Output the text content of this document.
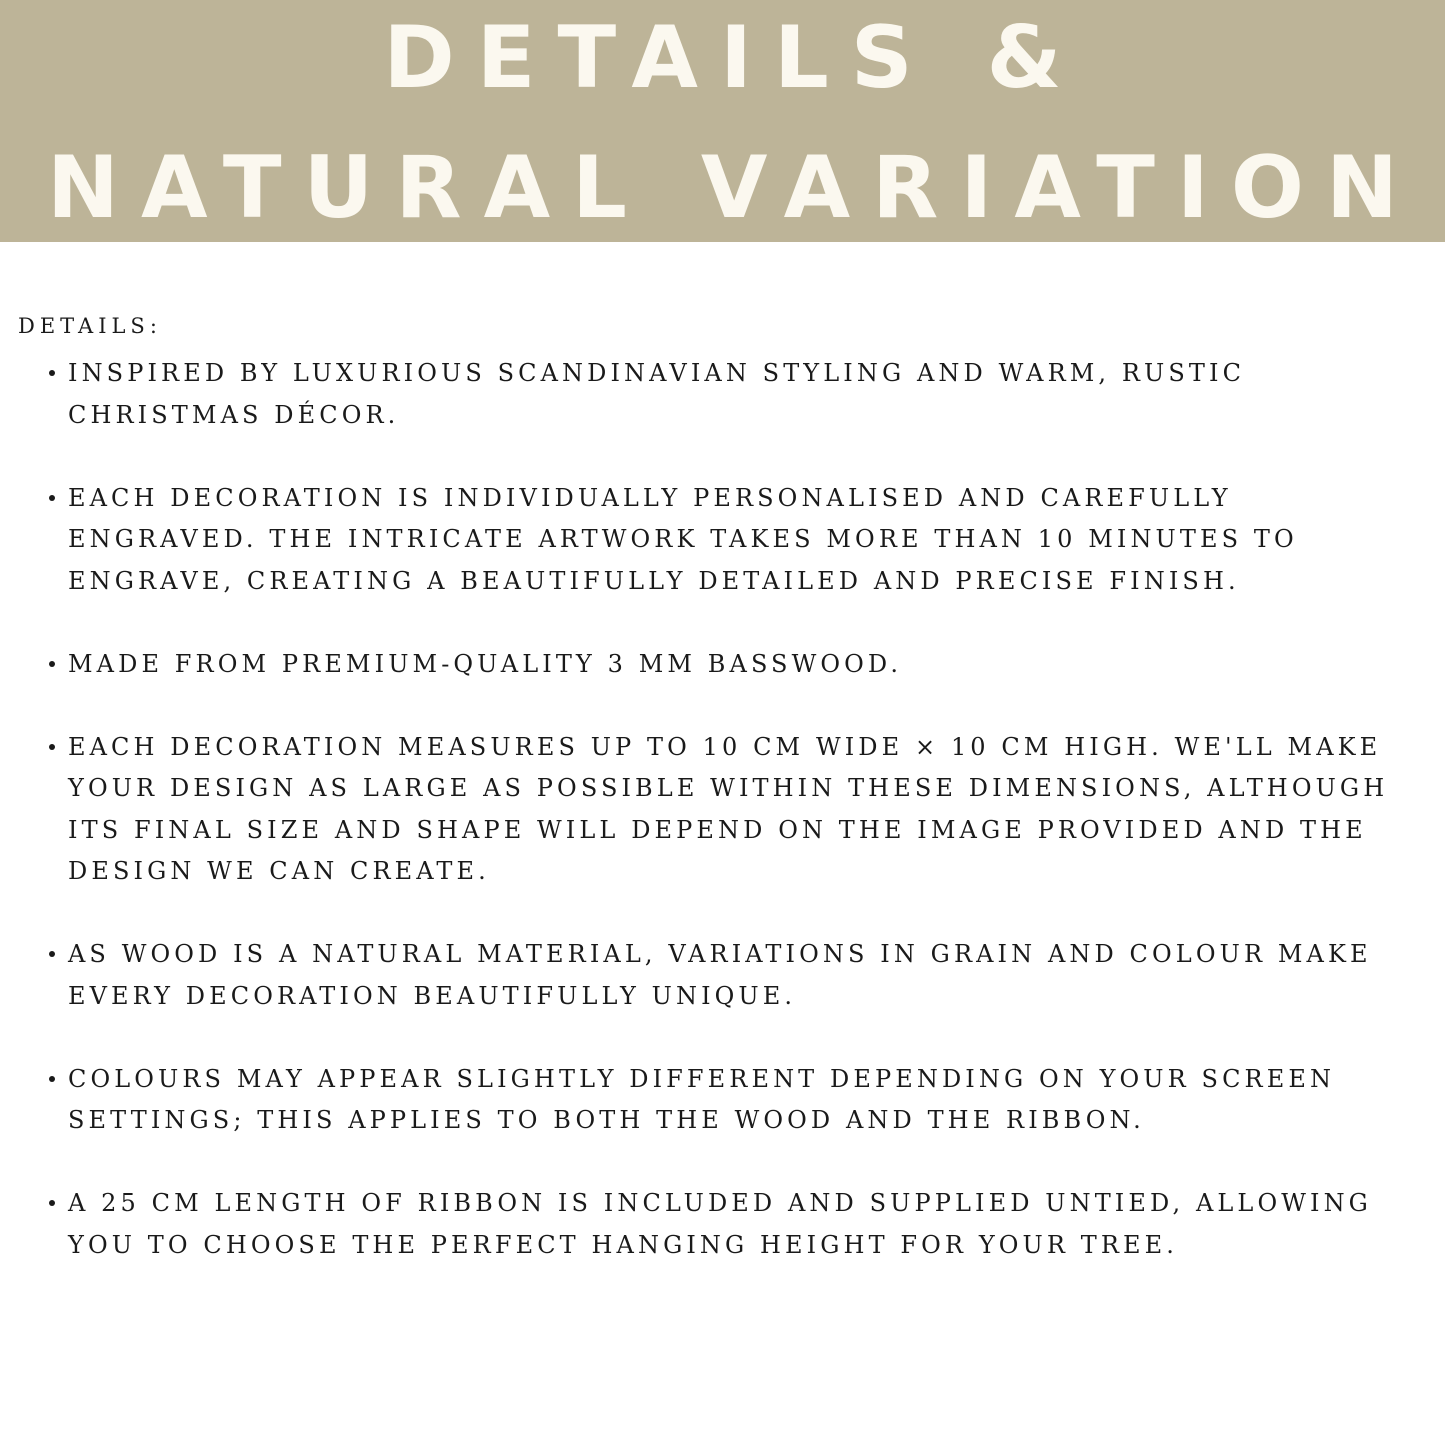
DETAILS &
NATURAL VARIATION
DETAILS:
INSPIRED BY LUXURIOUS SCANDINAVIAN STYLING AND WARM, RUSTIC CHRISTMAS DÉCOR.
EACH DECORATION IS INDIVIDUALLY PERSONALISED AND CAREFULLY ENGRAVED. THE INTRICATE ARTWORK TAKES MORE THAN 10 MINUTES TO ENGRAVE, CREATING A BEAUTIFULLY DETAILED AND PRECISE FINISH.
MADE FROM PREMIUM-QUALITY 3 MM BASSWOOD.
EACH DECORATION MEASURES UP TO 10 CM WIDE × 10 CM HIGH. WE'LL MAKE YOUR DESIGN AS LARGE AS POSSIBLE WITHIN THESE DIMENSIONS, ALTHOUGH ITS FINAL SIZE AND SHAPE WILL DEPEND ON THE IMAGE PROVIDED AND THE DESIGN WE CAN CREATE.
AS WOOD IS A NATURAL MATERIAL, VARIATIONS IN GRAIN AND COLOUR MAKE EVERY DECORATION BEAUTIFULLY UNIQUE.
COLOURS MAY APPEAR SLIGHTLY DIFFERENT DEPENDING ON YOUR SCREEN SETTINGS; THIS APPLIES TO BOTH THE WOOD AND THE RIBBON.
A 25 CM LENGTH OF RIBBON IS INCLUDED AND SUPPLIED UNTIED, ALLOWING YOU TO CHOOSE THE PERFECT HANGING HEIGHT FOR YOUR TREE.
